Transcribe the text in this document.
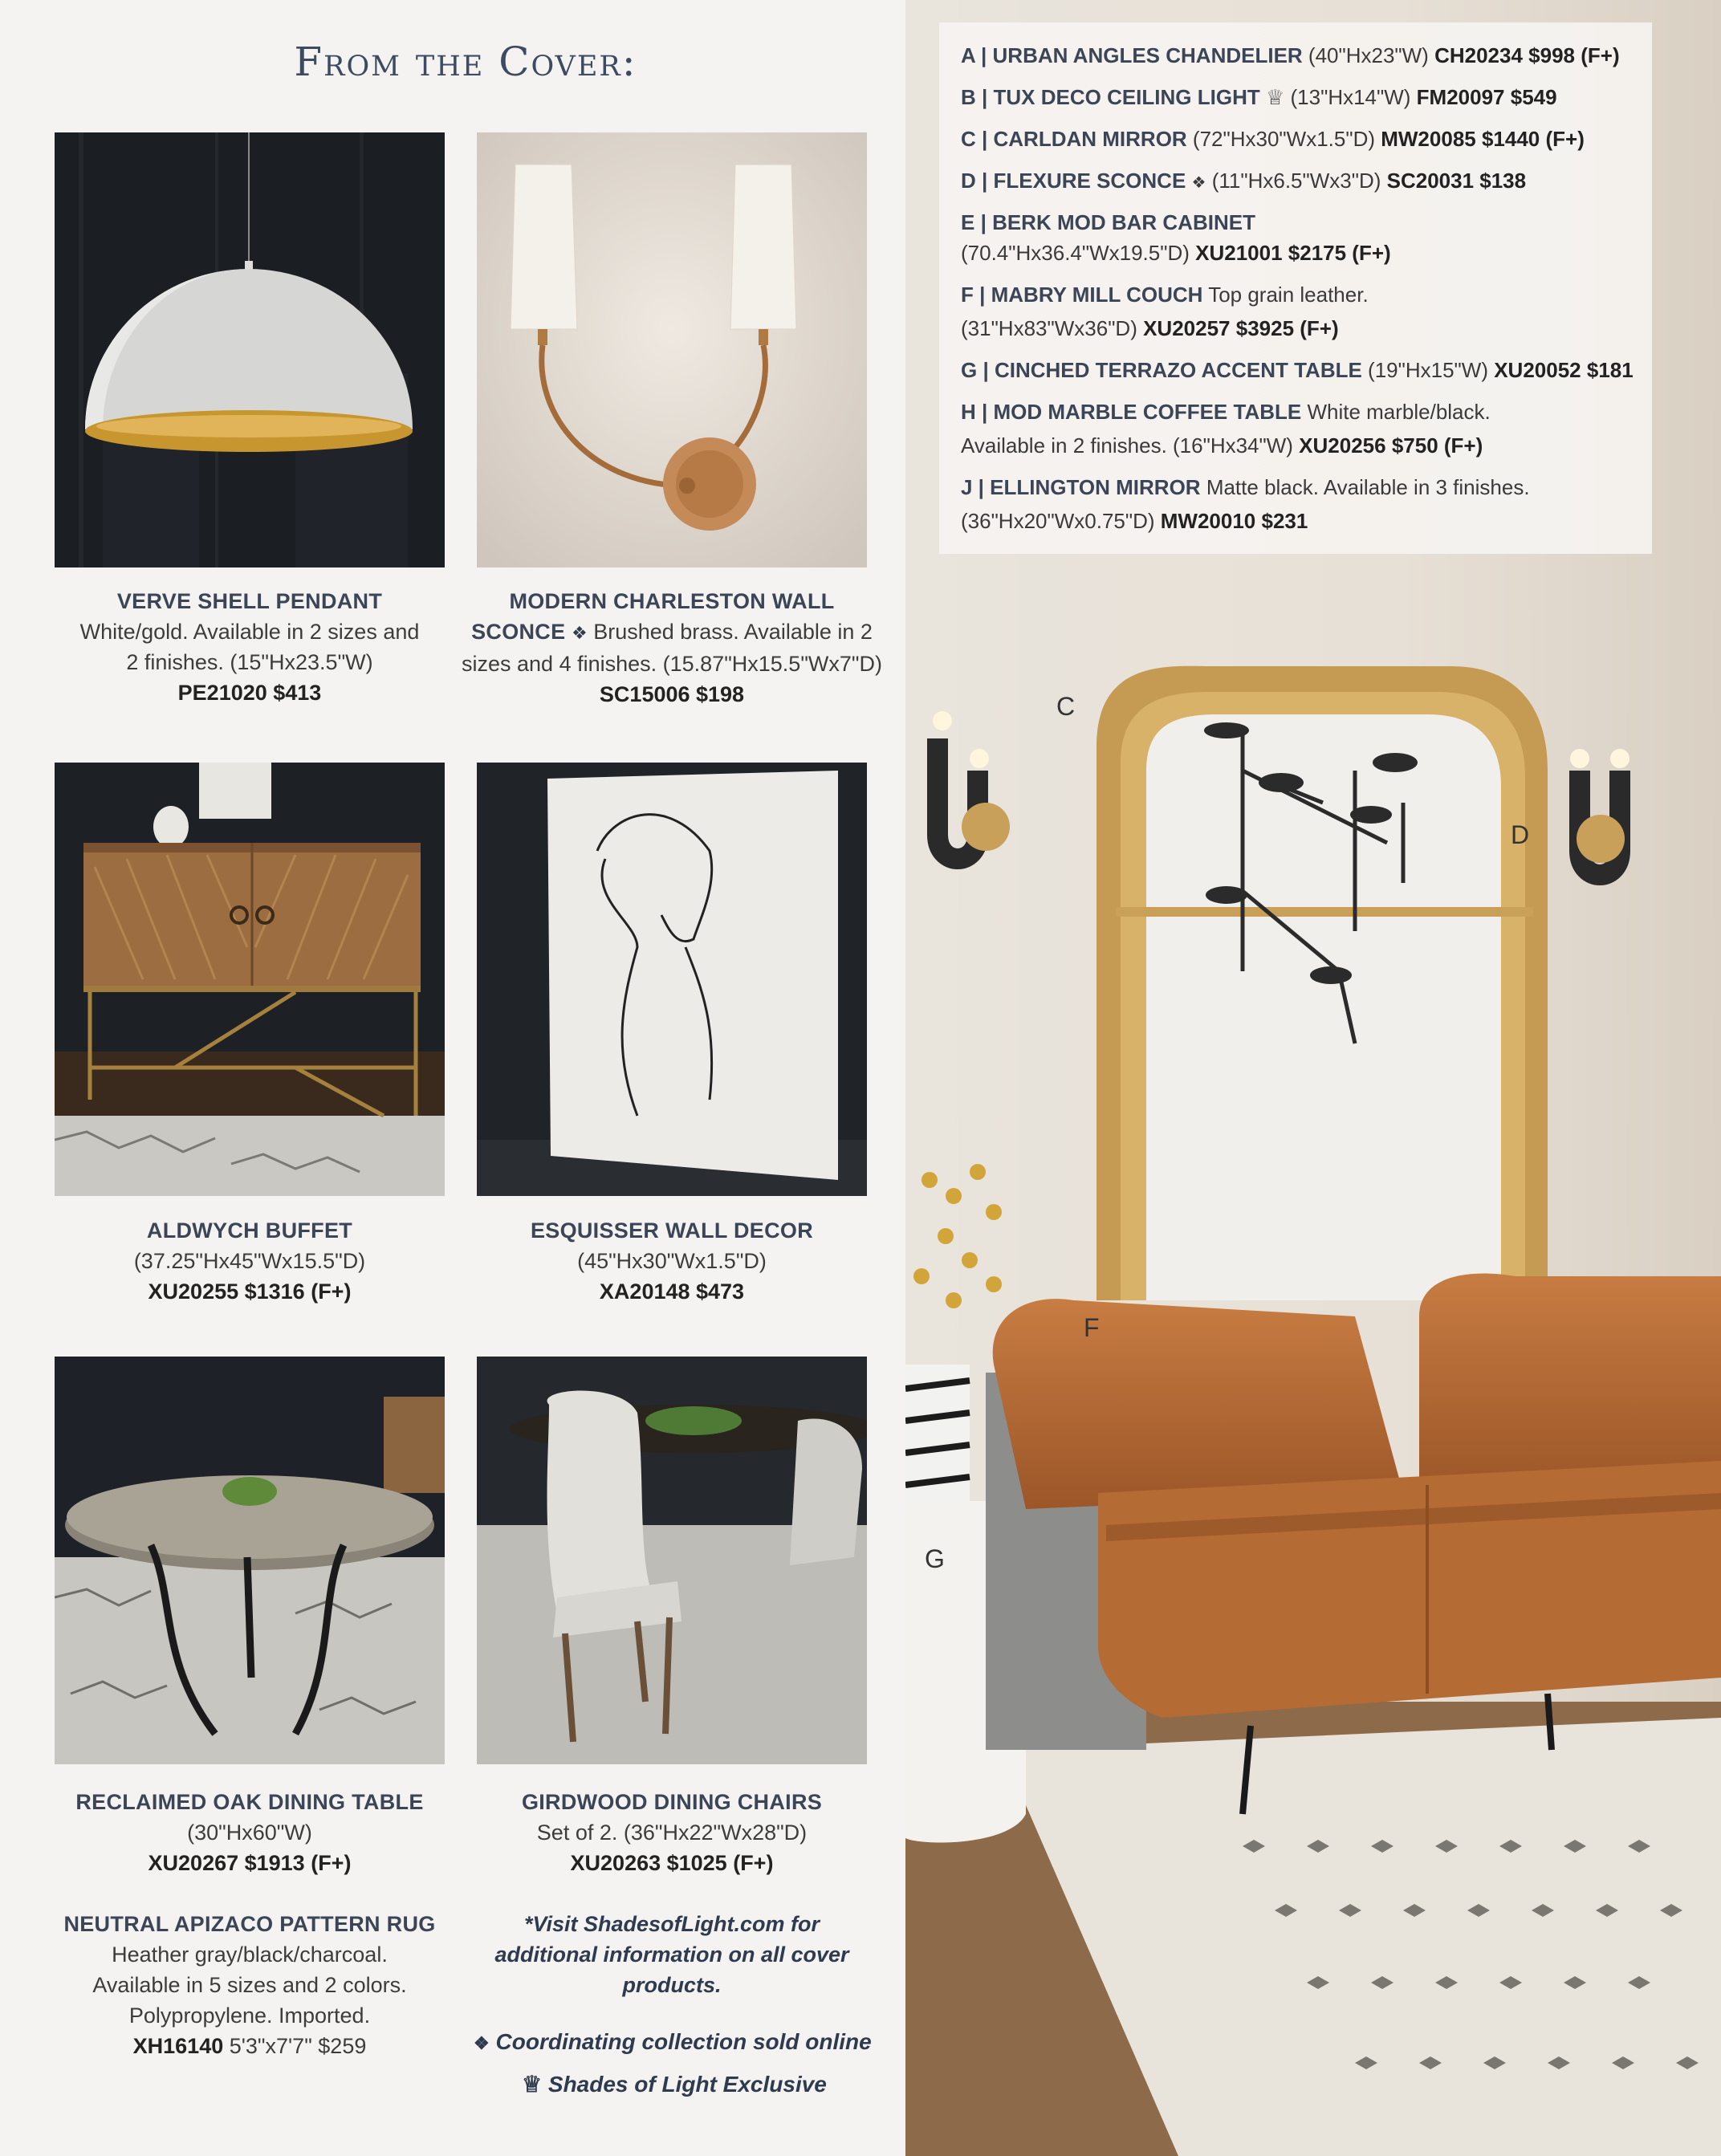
From the Cover:
VERVE SHELL PENDANT
White/gold. Available in 2 sizes and
2 finishes. (15"Hx23.5"W)
PE21020 $413
MODERN CHARLESTON WALL
SCONCE ❖ Brushed brass. Available in 2
sizes and 4 finishes. (15.87"Hx15.5"Wx7"D)
SC15006 $198
ALDWYCH BUFFET
(37.25"Hx45"Wx15.5"D)
XU20255 $1316 (F+)
ESQUISSER WALL DECOR
(45"Hx30"Wx1.5"D)
XA20148 $473
RECLAIMED OAK DINING TABLE
(30"Hx60"W)
XU20267 $1913 (F+)
GIRDWOOD DINING CHAIRS
Set of 2. (36"Hx22"Wx28"D)
XU20263 $1025 (F+)
NEUTRAL APIZACO PATTERN RUG
Heather gray/black/charcoal.
Available in 5 sizes and 2 colors.
Polypropylene. Imported.
XH16140 5'3"x7'7" $259
*Visit ShadesofLight.com for
additional information on all cover
products.
❖ Coordinating collection sold online
♕ Shades of Light Exclusive
C
D
F
G
A | URBAN ANGLES CHANDELIER (40"Hx23"W) CH20234 $998 (F+)
B | TUX DECO CEILING LIGHT ♕ (13"Hx14"W) FM20097 $549
C | CARLDAN MIRROR (72"Hx30"Wx1.5"D) MW20085 $1440 (F+)
D | FLEXURE SCONCE ❖ (11"Hx6.5"Wx3"D) SC20031 $138
E | BERK MOD BAR CABINET
(70.4"Hx36.4"Wx19.5"D) XU21001 $2175 (F+)
F | MABRY MILL COUCH Top grain leather.
(31"Hx83"Wx36"D) XU20257 $3925 (F+)
G | CINCHED TERRAZO ACCENT TABLE (19"Hx15"W) XU20052 $181
H | MOD MARBLE COFFEE TABLE White marble/black.
Available in 2 finishes. (16"Hx34"W) XU20256 $750 (F+)
J | ELLINGTON MIRROR Matte black. Available in 3 finishes.
(36"Hx20"Wx0.75"D) MW20010 $231
